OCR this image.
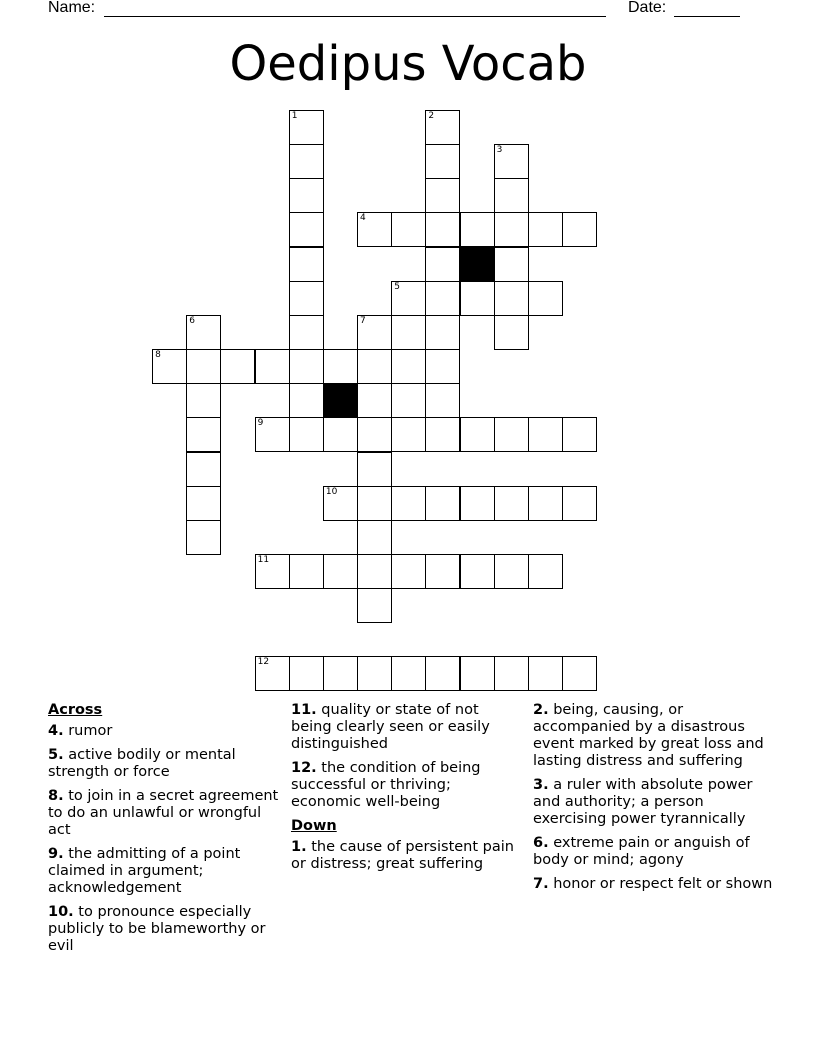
Name:	Date:
Oedipus Vocab
1	2
3
4
5
6	7
8
9
10
11
12
Across
4. rumor
5. active bodily or mental strength or force
8. to join in a secret agreement to do an unlawful or wrongful act
9. the admitting of a point claimed in argument; acknowledgement
10. to pronounce especially publicly to be blameworthy or evil
11. quality or state of not being clearly seen or easily distinguished
12. the condition of being successful or thriving; economic well-being
Down
1. the cause of persistent pain or distress; great suffering
2. being, causing, or accompanied by a disastrous event marked by great loss and lasting distress and suffering
3. a ruler with absolute power and authority; a person exercising power tyrannically
6. extreme pain or anguish of body or mind; agony
7. honor or respect felt or shown
